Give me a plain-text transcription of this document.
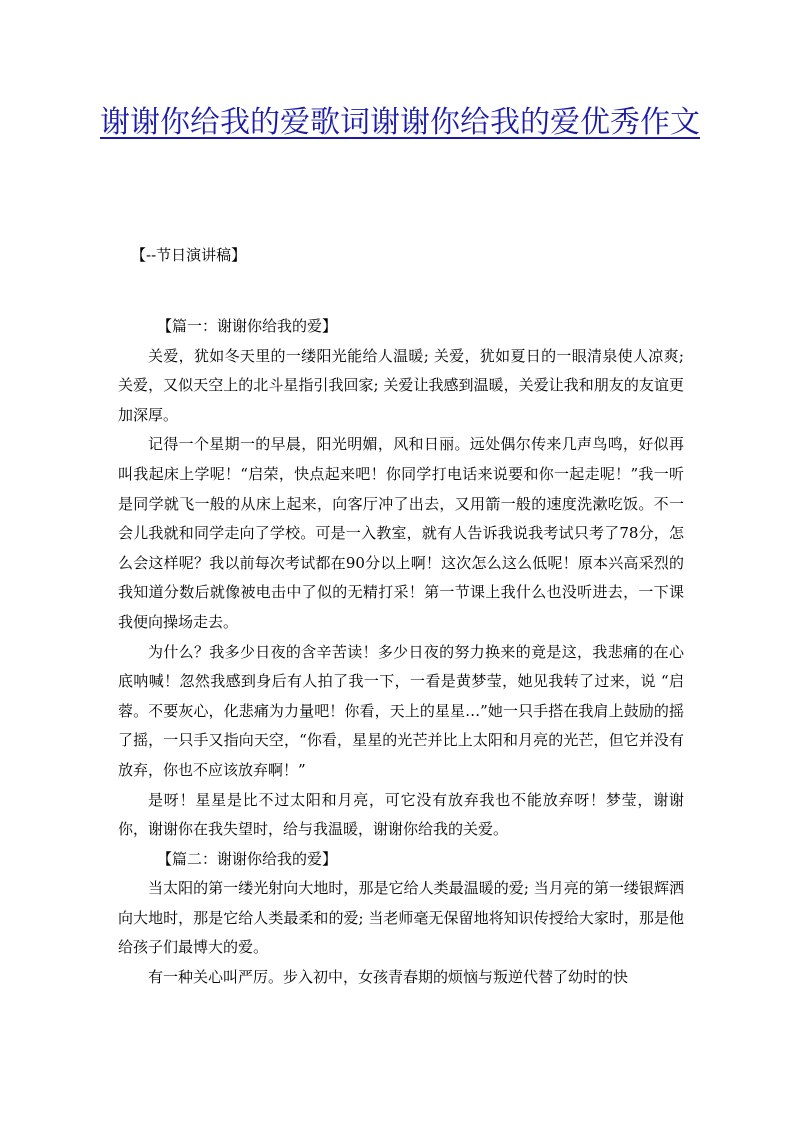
谢谢你给我的爱歌词谢谢你给我的爱优秀作文

【--节日演讲稿】

【篇一：谢谢你给我的爱】

关爱，犹如冬天里的一缕阳光能给人温暖; 关爱，犹如夏日的一眼清泉使人凉爽; 关爱，又似天空上的北斗星指引我回家; 关爱让我感到温暖，关爱让我和朋友的友谊更加深厚。

记得一个星期一的早晨，阳光明媚，风和日丽。远处偶尔传来几声鸟鸣，好似再叫我起床上学呢！“启荣，快点起来吧！你同学打电话来说要和你一起走呢！”我一听是同学就飞一般的从床上起来，向客厅冲了出去，又用箭一般的速度洗漱吃饭。不一会儿我就和同学走向了学校。可是一入教室，就有人告诉我说我考试只考了78分，怎么会这样呢？我以前每次考试都在90分以上啊！这次怎么这么低呢！原本兴高采烈的我知道分数后就像被电击中了似的无精打采！第一节课上我什么也没听进去，一下课我便向操场走去。

为什么？我多少日夜的含辛苦读！多少日夜的努力换来的竟是这，我悲痛的在心底呐喊！忽然我感到身后有人拍了我一下，一看是黄梦莹，她见我转了过来，说 “启蓉。不要灰心，化悲痛为力量吧！你看，天上的星星…”她一只手搭在我肩上鼓励的摇了摇，一只手又指向天空，“你看，星星的光芒并比上太阳和月亮的光芒，但它并没有放弃，你也不应该放弃啊！”

是呀！星星是比不过太阳和月亮，可它没有放弃我也不能放弃呀！梦莹，谢谢你，谢谢你在我失望时，给与我温暖，谢谢你给我的关爱。

【篇二：谢谢你给我的爱】

当太阳的第一缕光射向大地时，那是它给人类最温暖的爱; 当月亮的第一缕银辉洒向大地时，那是它给人类最柔和的爱; 当老师毫无保留地将知识传授给大家时，那是他给孩子们最博大的爱。

有一种关心叫严厉。步入初中，女孩青春期的烦恼与叛逆代替了幼时的快
